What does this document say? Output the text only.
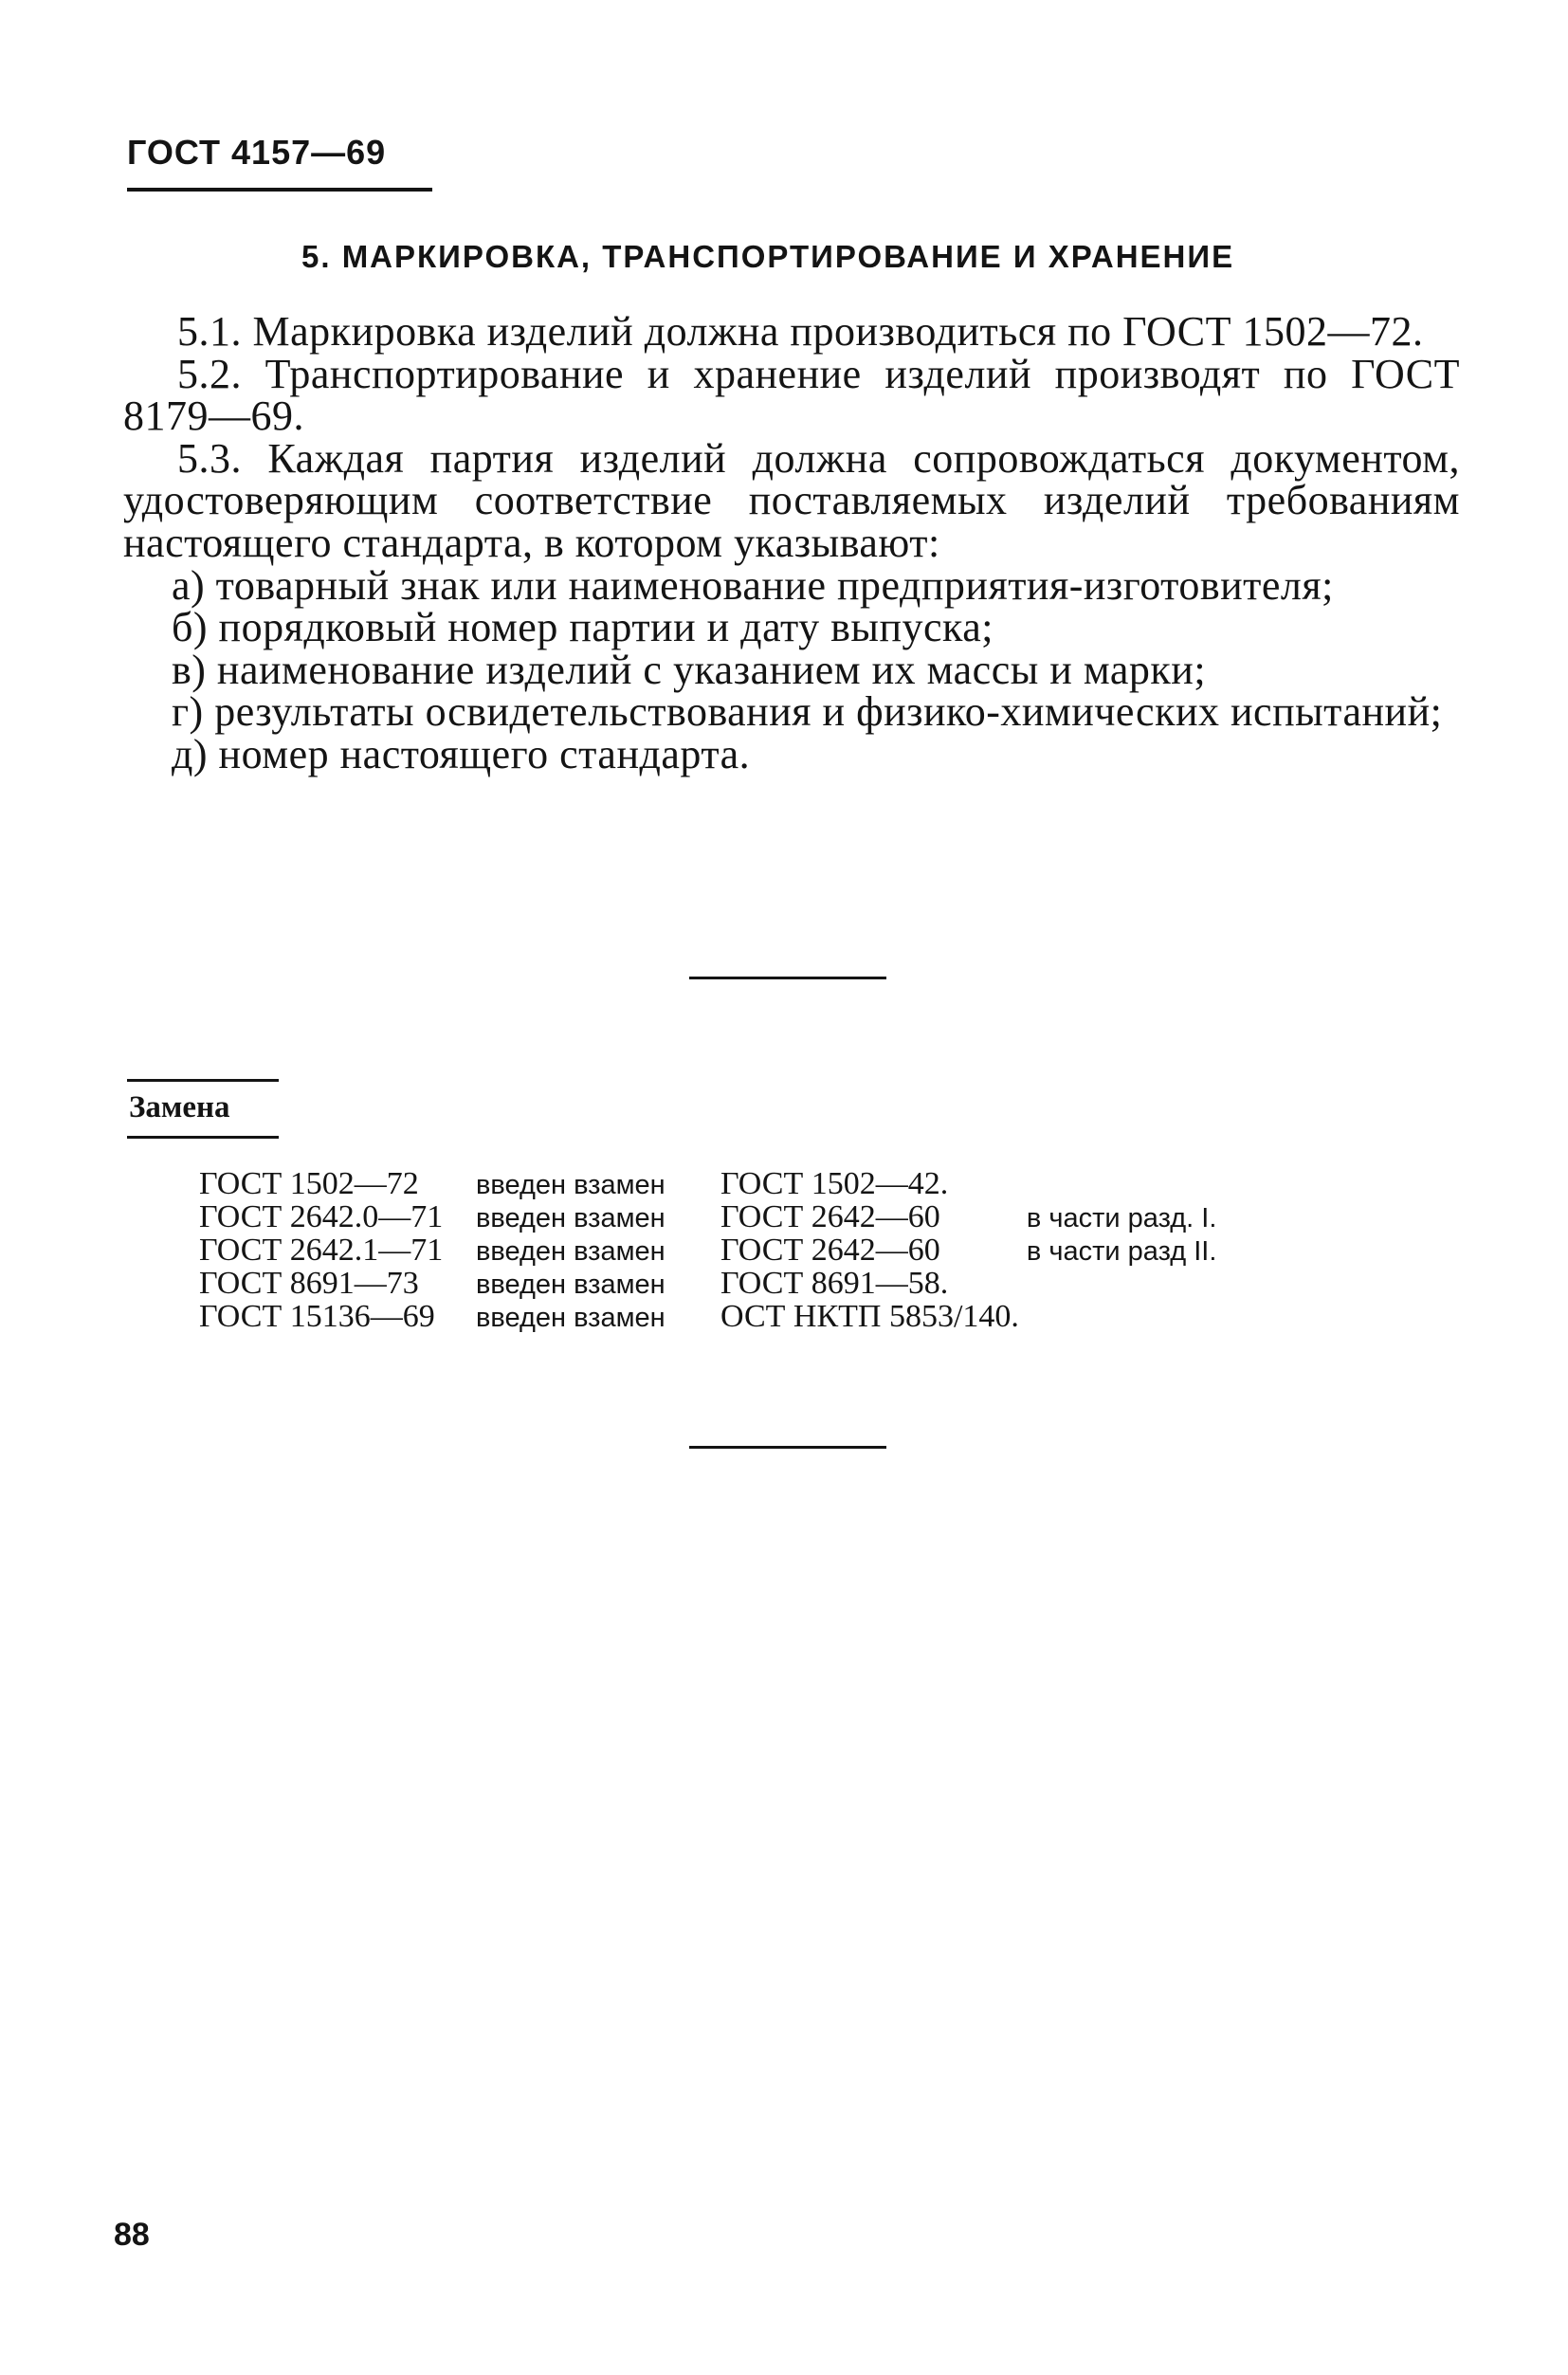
ГОСТ 4157—69
5. МАРКИРОВКА, ТРАНСПОРТИРОВАНИЕ И ХРАНЕНИЕ

5.1. Маркировка изделий должна производиться по ГОСТ 1502—72.

5.2. Транспортирование и хранение изделий производят по ГОСТ 8179—69.

5.3. Каждая партия изделий должна сопровождаться документом, удостоверяющим соответствие поставляемых изделий требованиям настоящего стандарта, в котором указывают:

а) товарный знак или наименование предприятия-изготовителя;

б) порядковый номер партии и дату выпуска;

в) наименование изделий с указанием их массы и марки;

г) результаты освидетельствования и физико-химических испытаний;

д) номер настоящего стандарта.

Замена
ГОСТ 1502—72	введен взамен	ГОСТ 1502—42.	
ГОСТ 2642.0—71	введен взамен	ГОСТ 2642—60	в части разд. I.
ГОСТ 2642.1—71	введен взамен	ГОСТ 2642—60	в части разд II.
ГОСТ 8691—73	введен взамен	ГОСТ 8691—58.	
ГОСТ 15136—69	введен взамен	ОСТ НКТП 5853/140.	
88
